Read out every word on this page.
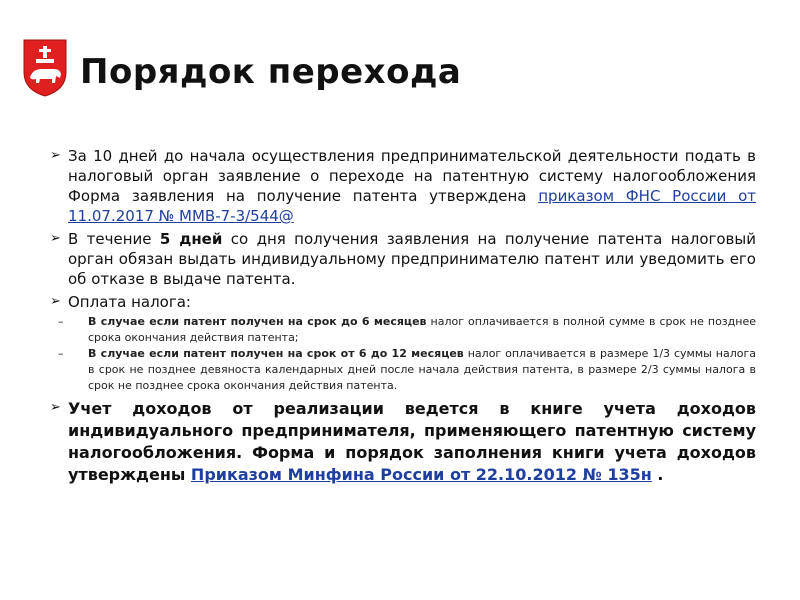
Порядок перехода
➢ За 10 дней до начала осуществления предпринимательской деятельности подать в налоговый орган заявление о переходе на патентную систему налогообложения Форма заявления на получение патента утверждена приказом ФНС России от 11.07.2017 № ММВ-7-3/544@
➢ В течение 5 дней со дня получения заявления на получение патента налоговый орган обязан выдать индивидуальному предпринимателю патент или уведомить его об отказе в выдаче патента.
➢ Оплата налога:
– В случае если патент получен на срок до 6 месяцев налог оплачивается в полной сумме в срок не позднее срока окончания действия патента;
– В случае если патент получен на срок от 6 до 12 месяцев налог оплачивается в размере 1/3 суммы налога в срок не позднее девяноста календарных дней после начала действия патента, в размере 2/3 суммы налога в срок не позднее срока окончания действия патента.
➢ Учет доходов от реализации ведется в книге учета доходов индивидуального предпринимателя, применяющего патентную систему налогообложения. Форма и порядок заполнения книги учета доходов утверждены Приказом Минфина России от 22.10.2012 № 135н .
